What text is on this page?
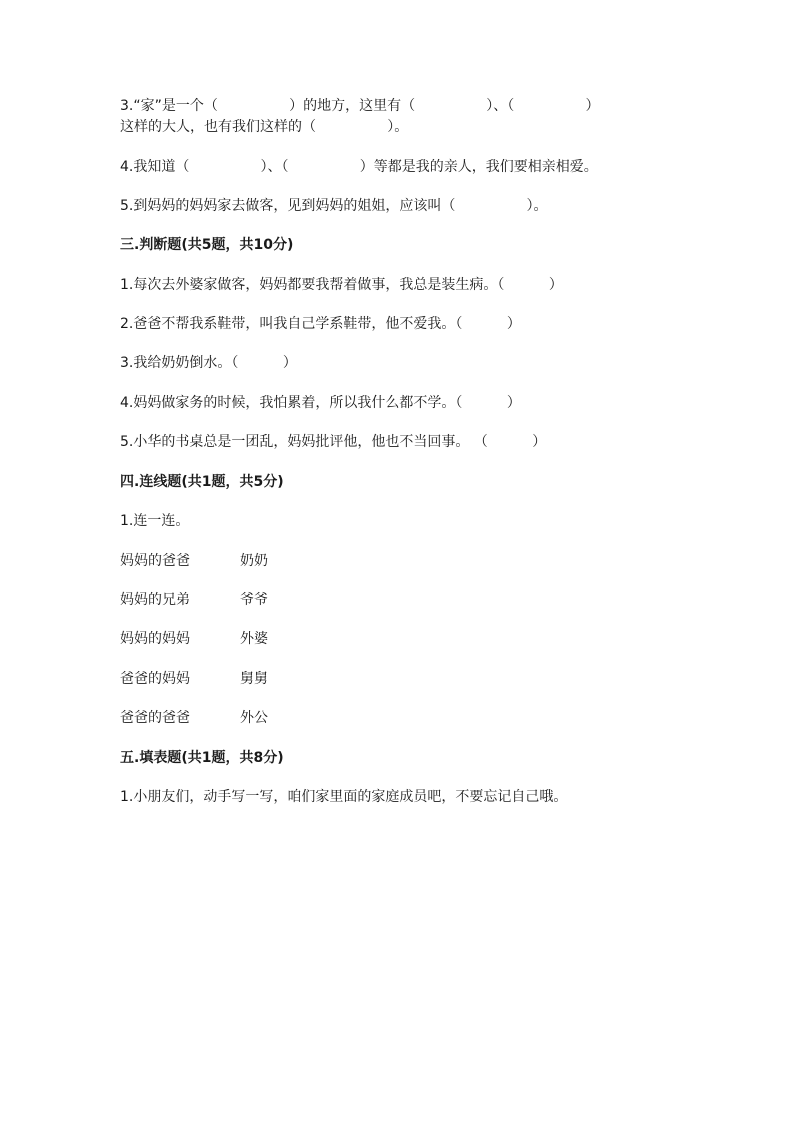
3.“家”是一个（                ）的地方，这里有（                ）、（                ）
这样的大人，也有我们这样的（                ）。
4.我知道（                ）、（                ）等都是我的亲人，我们要相亲相爱。
5.到妈妈的妈妈家去做客，见到妈妈的姐姐，应该叫（                ）。
三.判断题(共5题，共10分)
1.每次去外婆家做客，妈妈都要我帮着做事，我总是装生病。（          ）
2.爸爸不帮我系鞋带，叫我自己学系鞋带，他不爱我。（          ）
3.我给奶奶倒水。（          ）
4.妈妈做家务的时候，我怕累着，所以我什么都不学。（          ）
5.小华的书桌总是一团乱，妈妈批评他，他也不当回事。 （          ）
四.连线题(共1题，共5分)
1.连一连。
妈妈的爸爸	奶奶
妈妈的兄弟	爷爷
妈妈的妈妈	外婆
爸爸的妈妈	舅舅
爸爸的爸爸	外公
五.填表题(共1题，共8分)
1.小朋友们，动手写一写，咱们家里面的家庭成员吧，不要忘记自己哦。
